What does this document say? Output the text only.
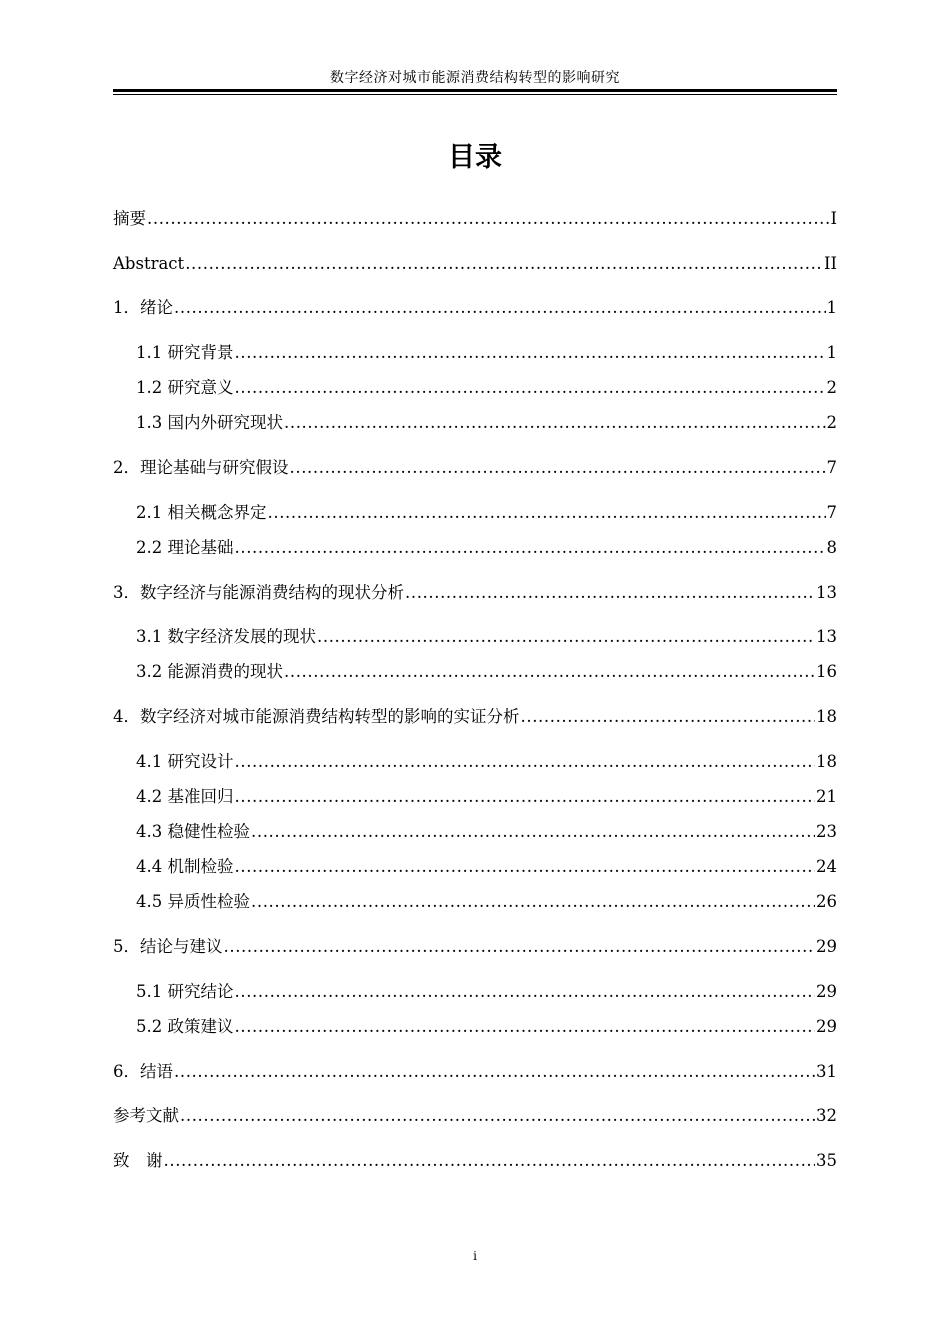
数字经济对城市能源消费结构转型的影响研究
目录
摘要 .....	I
Abstract .....	II
1．绪论 .....	1
1.1 研究背景 .....	1
1.2 研究意义 .....	2
1.3 国内外研究现状 .....	2
2．理论基础与研究假设 .....	7
2.1 相关概念界定 .....	7
2.2 理论基础 .....	8
3．数字经济与能源消费结构的现状分析 .....	13
3.1 数字经济发展的现状 .....	13
3.2 能源消费的现状 .....	16
4．数字经济对城市能源消费结构转型的影响的实证分析 .....	18
4.1 研究设计 .....	18
4.2 基准回归 .....	21
4.3 稳健性检验 .....	23
4.4 机制检验 .....	24
4.5 异质性检验 .....	26
5．结论与建议 .....	29
5.1 研究结论 .....	29
5.2 政策建议 .....	29
6．结语 .....	31
参考文献 .....	32
致　谢 .....	35
i
